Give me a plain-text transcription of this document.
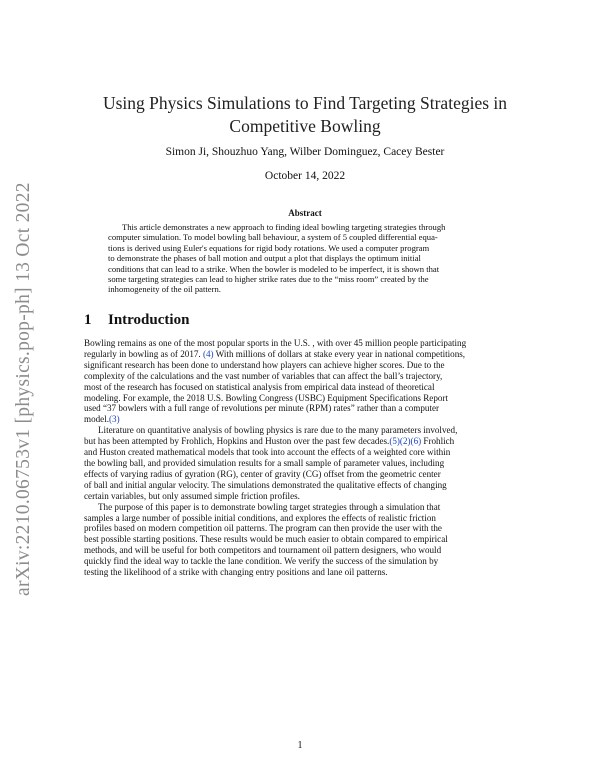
arXiv:2210.06753v1 [physics.pop-ph] 13 Oct 2022
Using Physics Simulations to Find Targeting Strategies in
Competitive Bowling
Simon Ji, Shouzhuo Yang, Wilber Dominguez, Cacey Bester
October 14, 2022
Abstract
This article demonstrates a new approach to finding ideal bowling targeting strategies through
computer simulation. To model bowling ball behaviour, a system of 5 coupled differential equa-
tions is derived using Euler's equations for rigid body rotations. We used a computer program
to demonstrate the phases of ball motion and output a plot that displays the optimum initial
conditions that can lead to a strike. When the bowler is modeled to be imperfect, it is shown that
some targeting strategies can lead to higher strike rates due to the “miss room” created by the
inhomogeneity of the oil pattern.
1 Introduction
Bowling remains as one of the most popular sports in the U.S. , with over 45 million people participating
regularly in bowling as of 2017. (4) With millions of dollars at stake every year in national competitions,
significant research has been done to understand how players can achieve higher scores. Due to the
complexity of the calculations and the vast number of variables that can affect the ball’s trajectory,
most of the research has focused on statistical analysis from empirical data instead of theoretical
modeling. For example, the 2018 U.S. Bowling Congress (USBC) Equipment Specifications Report
used “37 bowlers with a full range of revolutions per minute (RPM) rates” rather than a computer
model.(3)
Literature on quantitative analysis of bowling physics is rare due to the many parameters involved,
but has been attempted by Frohlich, Hopkins and Huston over the past few decades.(5)(2)(6) Frohlich
and Huston created mathematical models that took into account the effects of a weighted core within
the bowling ball, and provided simulation results for a small sample of parameter values, including
effects of varying radius of gyration (RG), center of gravity (CG) offset from the geometric center
of ball and initial angular velocity. The simulations demonstrated the qualitative effects of changing
certain variables, but only assumed simple friction profiles.
The purpose of this paper is to demonstrate bowling target strategies through a simulation that
samples a large number of possible initial conditions, and explores the effects of realistic friction
profiles based on modern competition oil patterns. The program can then provide the user with the
best possible starting positions. These results would be much easier to obtain compared to empirical
methods, and will be useful for both competitors and tournament oil pattern designers, who would
quickly find the ideal way to tackle the lane condition. We verify the success of the simulation by
testing the likelihood of a strike with changing entry positions and lane oil patterns.
1
